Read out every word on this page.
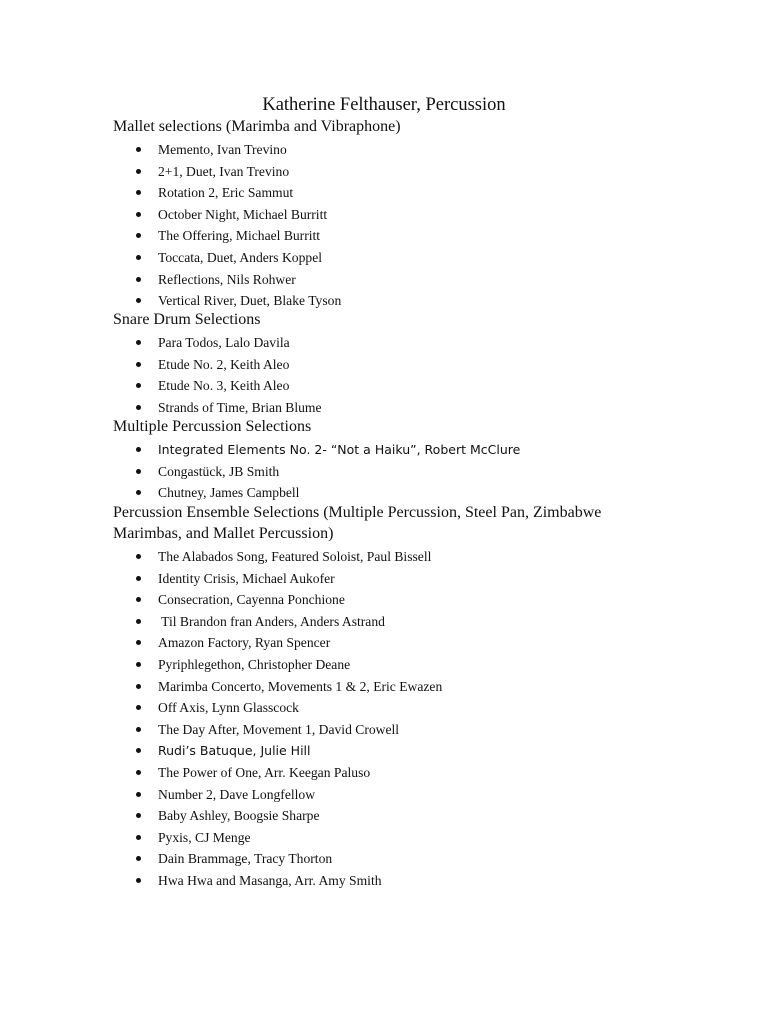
Katherine Felthauser, Percussion
Mallet selections (Marimba and Vibraphone)
Memento, Ivan Trevino
2+1, Duet, Ivan Trevino
Rotation 2, Eric Sammut
October Night, Michael Burritt
The Offering, Michael Burritt
Toccata, Duet, Anders Koppel
Reflections, Nils Rohwer
Vertical River, Duet, Blake Tyson
Snare Drum Selections
Para Todos, Lalo Davila
Etude No. 2, Keith Aleo
Etude No. 3, Keith Aleo
Strands of Time, Brian Blume
Multiple Percussion Selections
Integrated Elements No. 2- “Not a Haiku”, Robert McClure
Congastück, JB Smith
Chutney, James Campbell
Percussion Ensemble Selections (Multiple Percussion, Steel Pan, Zimbabwe
Marimbas, and Mallet Percussion)
The Alabados Song, Featured Soloist, Paul Bissell
Identity Crisis, Michael Aukofer
Consecration, Cayenna Ponchione
Til Brandon fran Anders, Anders Astrand
Amazon Factory, Ryan Spencer
Pyriphlegethon, Christopher Deane
Marimba Concerto, Movements 1 & 2, Eric Ewazen
Off Axis, Lynn Glasscock
The Day After, Movement 1, David Crowell
Rudi’s Batuque, Julie Hill
The Power of One, Arr. Keegan Paluso
Number 2, Dave Longfellow
Baby Ashley, Boogsie Sharpe
Pyxis, CJ Menge
Dain Brammage, Tracy Thorton
Hwa Hwa and Masanga, Arr. Amy Smith
